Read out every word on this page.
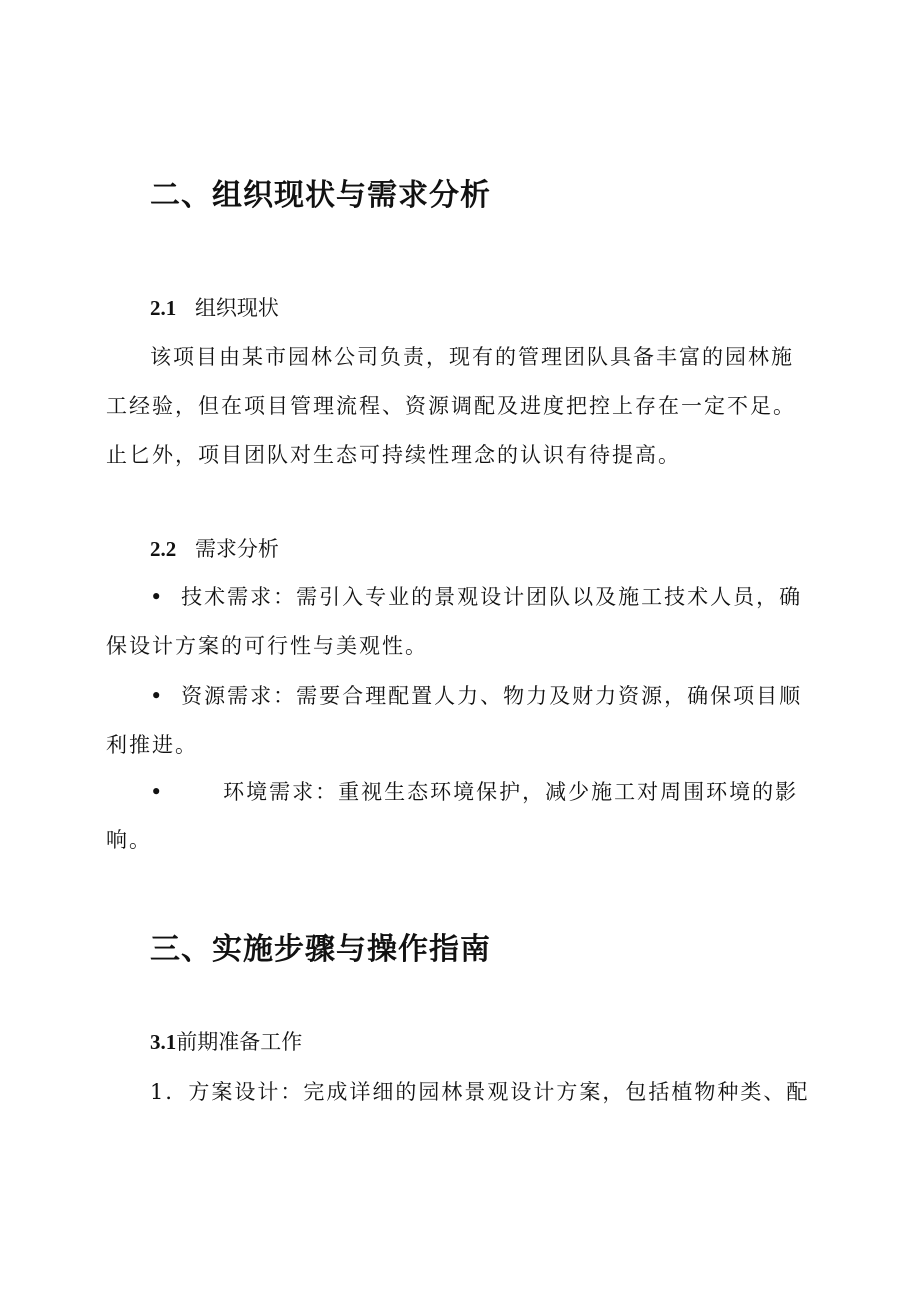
二、组织现状与需求分析
2.1 组织现状
该项目由某市园林公司负责，现有的管理团队具备丰富的园林施
工经验，但在项目管理流程、资源调配及进度把控上存在一定不足。
止匕外，项目团队对生态可持续性理念的认识有待提高。
2.2 需求分析
• 技术需求：需引入专业的景观设计团队以及施工技术人员，确
保设计方案的可行性与美观性。
• 资源需求：需要合理配置人力、物力及财力资源，确保项目顺
利推进。
•	环境需求：重视生态环境保护，减少施工对周围环境的影
响。
三、实施步骤与操作指南
3.1前期准备工作
1．方案设计：完成详细的园林景观设计方案，包括植物种类、配
